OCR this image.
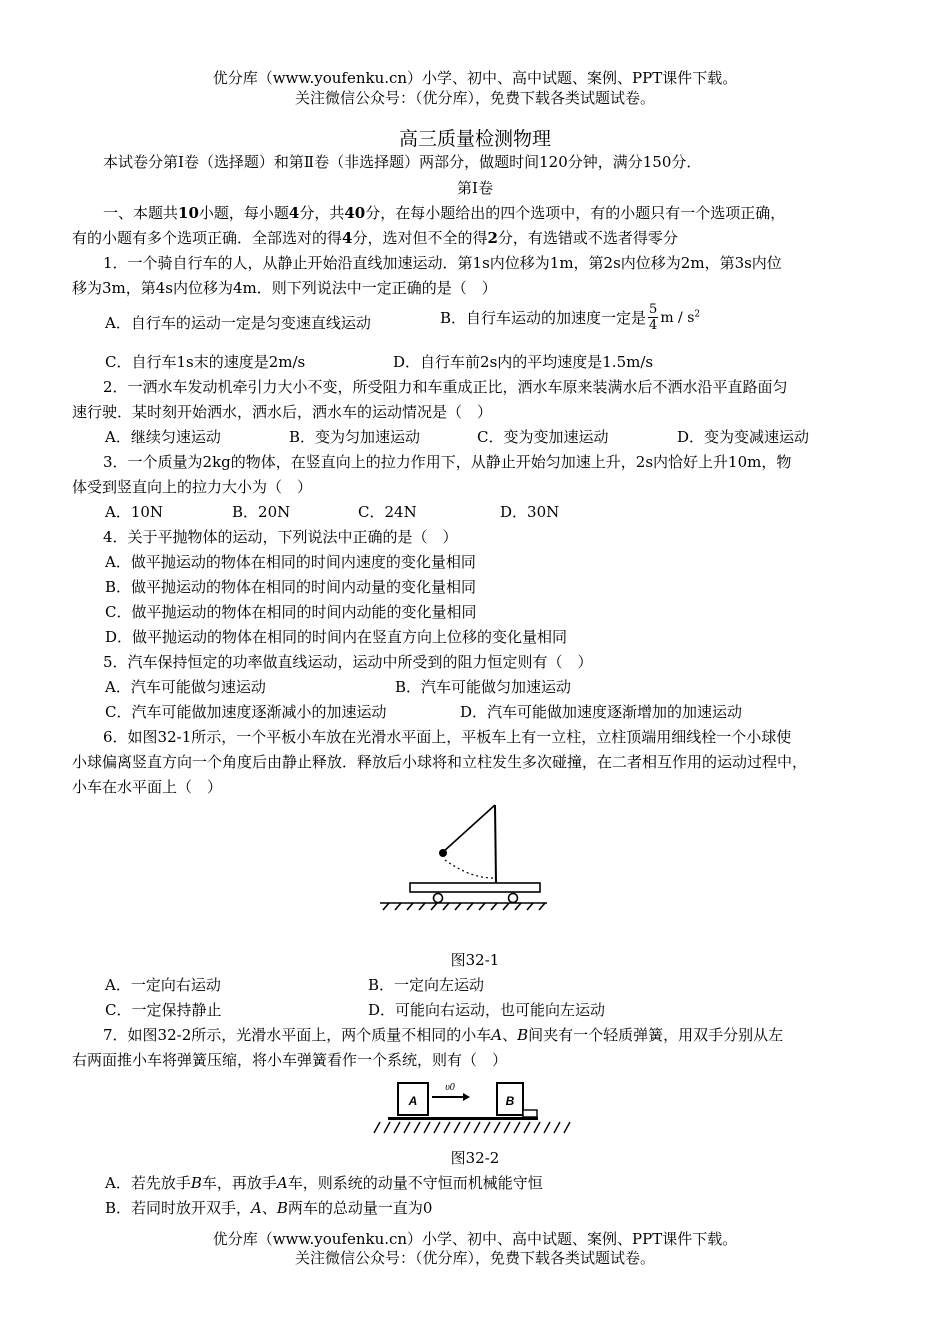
优分库（www.youfenku.cn）小学、初中、高中试题、案例、PPT课件下载。
关注微信公众号：（优分库），免费下载各类试题试卷。
高三质量检测物理
本试卷分第Ⅰ卷（选择题）和第Ⅱ卷（非选择题）两部分，做题时间120分钟，满分150分．
第Ⅰ卷
一、本题共10小题，每小题4分，共40分，在每小题给出的四个选项中，有的小题只有一个选项正确，
有的小题有多个选项正确．全部选对的得4分，选对但不全的得2分，有选错或不选者得零分
1．一个骑自行车的人，从静止开始沿直线加速运动．第1s内位移为1m，第2s内位移为2m，第3s内位
移为3m，第4s内位移为4m．则下列说法中一定正确的是（　）
A．自行车的运动一定是匀变速直线运动	B．自行车运动的加速度一定是 $\frac{5}{4}$ m / $s^2$
C．自行车1s末的速度是2m/s	D．自行车前2s内的平均速度是1.5m/s
2．一洒水车发动机牵引力大小不变，所受阻力和车重成正比，洒水车原来装满水后不洒水沿平直路面匀
速行驶．某时刻开始洒水，洒水后，洒水车的运动情况是（　）
A．继续匀速运动	B．变为匀加速运动	C．变为变加速运动	D．变为变减速运动
3．一个质量为2kg的物体，在竖直向上的拉力作用下，从静止开始匀加速上升，2s内恰好上升10m，物
体受到竖直向上的拉力大小为（　）
A．10N	B．20N	C．24N	D．30N
4．关于平抛物体的运动，下列说法中正确的是（　）
A．做平抛运动的物体在相同的时间内速度的变化量相同
B．做平抛运动的物体在相同的时间内动量的变化量相同
C．做平抛运动的物体在相同的时间内动能的变化量相同
D．做平抛运动的物体在相同的时间内在竖直方向上位移的变化量相同
5．汽车保持恒定的功率做直线运动，运动中所受到的阻力恒定则有（　）
A．汽车可能做匀速运动	B．汽车可能做匀加速运动
C．汽车可能做加速度逐渐减小的加速运动	D．汽车可能做加速度逐渐增加的加速运动
6．如图32-1所示，一个平板小车放在光滑水平面上，平板车上有一立柱，立柱顶端用细线栓一个小球使
小球偏离竖直方向一个角度后由静止释放．释放后小球将和立柱发生多次碰撞，在二者相互作用的运动过程中，
小车在水平面上（　）
图32-1
A．一定向右运动	B．一定向左运动
C．一定保持静止	D．可能向右运动，也可能向左运动
7．如图32-2所示，光滑水平面上，两个质量不相同的小车A、B间夹有一个轻质弹簧，用双手分别从左
右两面推小车将弹簧压缩，将小车弹簧看作一个系统，则有（　）
A	B
υ0
图32-2
A．若先放手B车，再放手A车，则系统的动量不守恒而机械能守恒
B．若同时放开双手，A、B两车的总动量一直为0
优分库（www.youfenku.cn）小学、初中、高中试题、案例、PPT课件下载。
关注微信公众号：（优分库），免费下载各类试题试卷。
